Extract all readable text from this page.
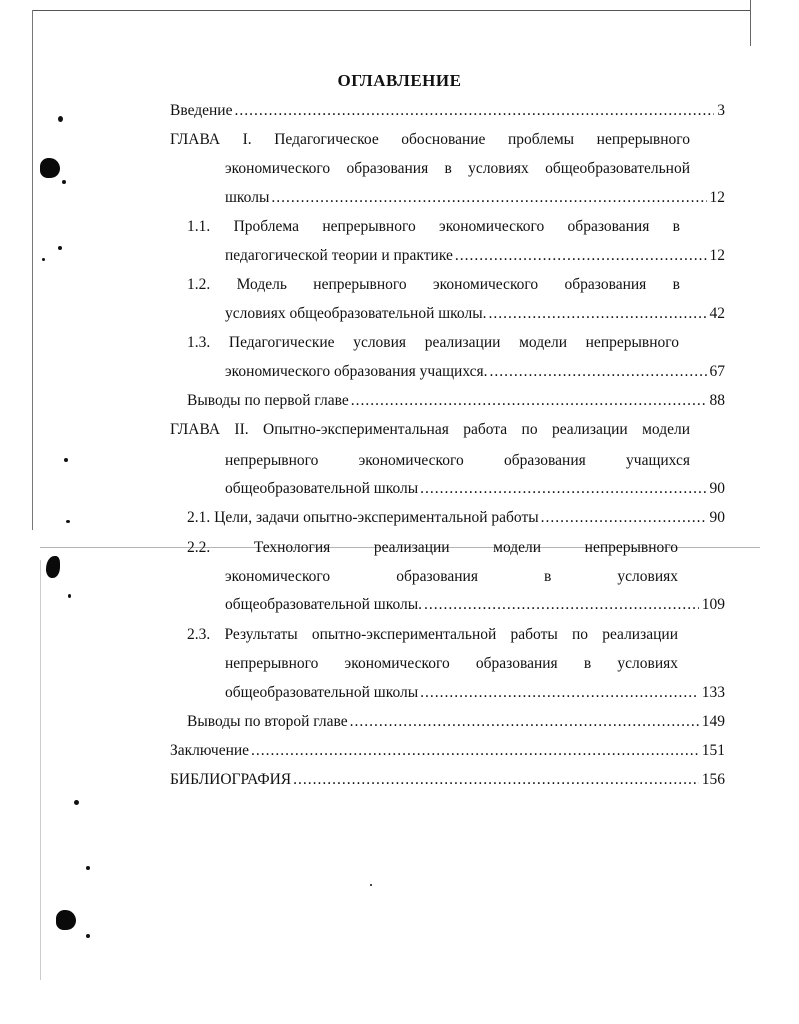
ОГЛАВЛЕНИЕ
Введение .....	3
ГЛАВА I. Педагогическое обоснование проблемы непрерывного
экономического образования в условиях общеобразовательной
школы .....	12
1.1. Проблема непрерывного экономического образования в
педагогической теории и практике .....	12
1.2. Модель непрерывного экономического образования в
условиях общеобразовательной школы. .....	42
1.3. Педагогические условия реализации модели непрерывного
экономического образования учащихся. .....	67
Выводы по первой главе .....	88
ГЛАВА II. Опытно-экспериментальная работа по реализации модели
непрерывного экономического образования учащихся
общеобразовательной школы .....	90
2.1. Цели, задачи опытно-экспериментальной работы .....	90
2.2. Технология реализации модели непрерывного
экономического образования в условиях
общеобразовательной школы. .....	109
2.3. Результаты опытно-экспериментальной работы по реализации
непрерывного экономического образования в условиях
общеобразовательной школы .....	133
Выводы по второй главе .....	149
Заключение .....	151
БИБЛИОГРАФИЯ .....	156
